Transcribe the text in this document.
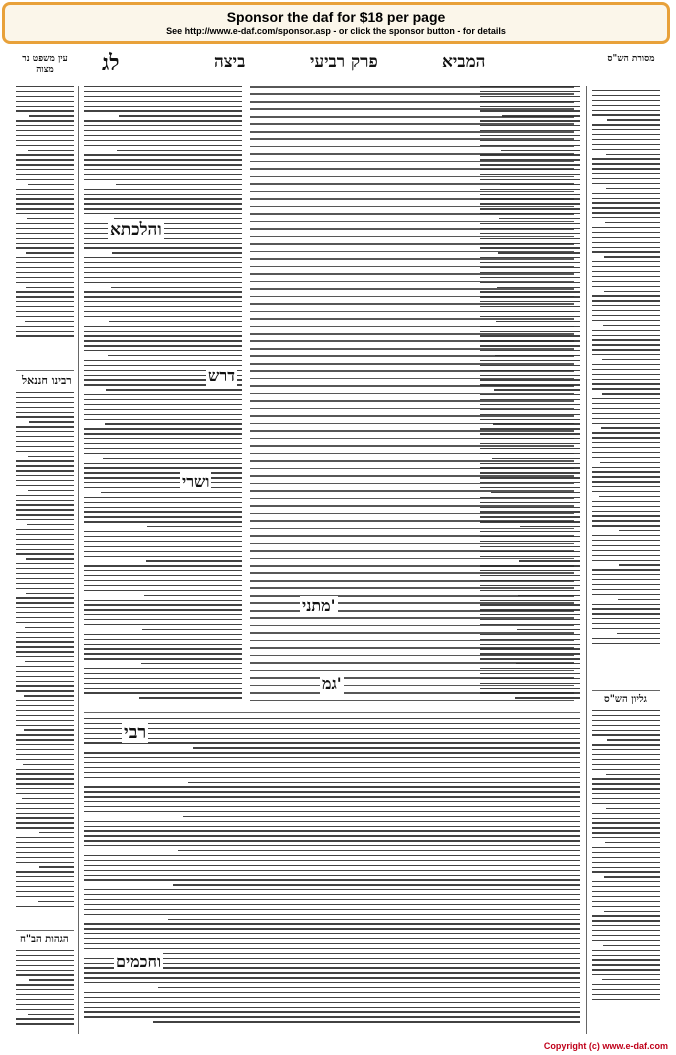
Sponsor the daf for $18 per page
See http://www.e-daf.com/sponsor.asp - or click the sponsor button - for details
עין משפט נר מצוה	לג	ביצה	פרק רביעי	המביא	מסורת הש"ס
רבינו חננאל
הגהות הב"ח
והלכתא
דרש
ושרי
מתני'
גמ'
גליון הש"ס
רבי
וחכמים
Copyright (c) www.e-daf.com
